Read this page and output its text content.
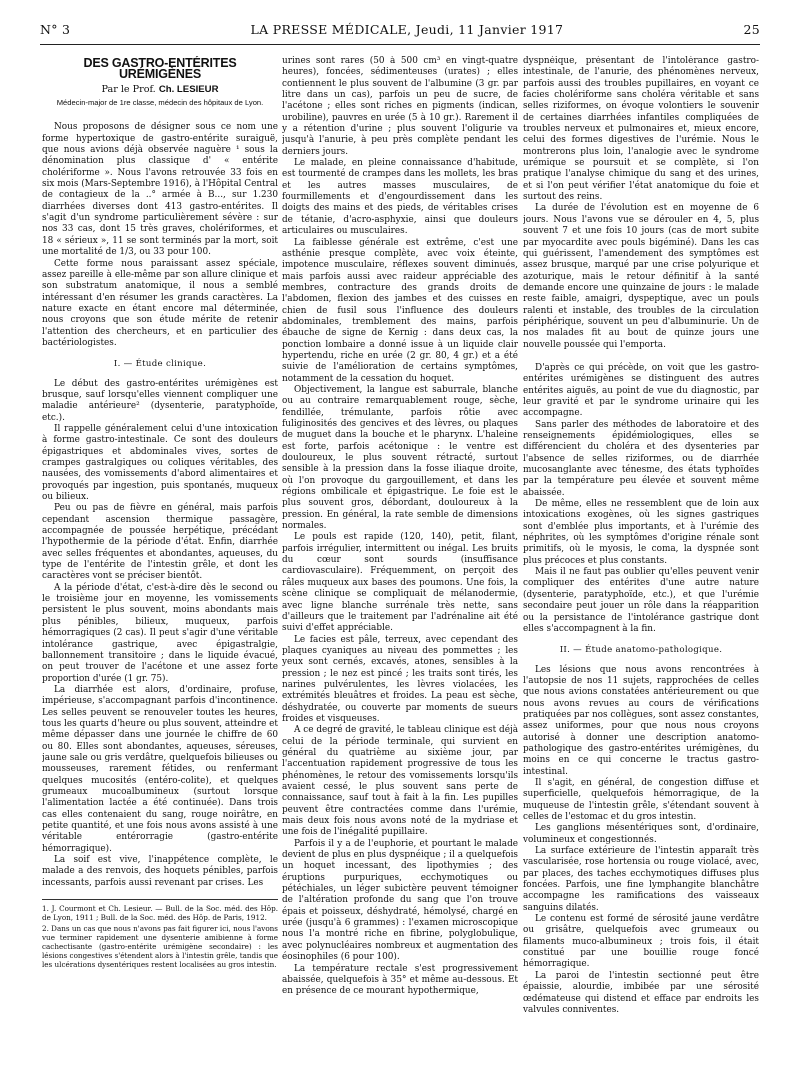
N° 3	LA PRESSE MÉDICALE, Jeudi, 11 Janvier 1917	25
DES GASTRO-ENTÉRITES URÉMIGÈNES
Par le Prof. Ch. LESIEUR
Médecin-major de 1re classe, médecin des hôpitaux de Lyon.

Nous proposons de désigner sous ce nom une forme hypertoxique de gastro-entérite suraiguë, que nous avions déjà observée naguère ¹ sous la dénomination plus classique d' « entérite cholériforme ». Nous l'avons retrouvée 33 fois en six mois (Mars-Septembre 1916), à l'Hôpital Central de contagieux de la ..° armée à B..., sur 1.230 diarrhées diverses dont 413 gastro-entérites. Il s'agit d'un syndrome particulièrement sévère : sur nos 33 cas, dont 15 très graves, cholériformes, et 18 « sérieux », 11 se sont terminés par la mort, soit une mortalité de 1/3, ou 33 pour 100.

Cette forme nous paraissant assez spéciale, assez pareille à elle-même par son allure clinique et son substratum anatomique, il nous a semblé intéressant d'en résumer les grands caractères. La nature exacte en étant encore mal déterminée, nous croyons que son étude mérite de retenir l'attention des chercheurs, et en particulier des bactériologistes.

I. — Étude clinique.

Le début des gastro-entérites urémigènes est brusque, sauf lorsqu'elles viennent compliquer une maladie antérieure² (dysenterie, paratyphoïde, etc.).

Il rappelle généralement celui d'une intoxication à forme gastro-intestinale. Ce sont des douleurs épigastriques et abdominales vives, sortes de crampes gastralgiques ou coliques véritables, des nausées, des vomissements d'abord alimentaires et provoqués par ingestion, puis spontanés, muqueux ou bilieux.

Peu ou pas de fièvre en général, mais parfois cependant ascension thermique passagère, accompagnée de poussée herpétique, précédant l'hypothermie de la période d'état. Enfin, diarrhée avec selles fréquentes et abondantes, aqueuses, du type de l'entérite de l'intestin grêle, et dont les caractères vont se préciser bientôt.

A la période d'état, c'est-à-dire dès le second ou le troisième jour en moyenne, les vomissements persistent le plus souvent, moins abondants mais plus pénibles, bilieux, muqueux, parfois hémorragiques (2 cas). Il peut s'agir d'une véritable intolérance gastrique, avec épigastralgie, ballonnement transitoire ; dans le liquide évacué, on peut trouver de l'acétone et une assez forte proportion d'urée (1 gr. 75).

La diarrhée est alors, d'ordinaire, profuse, impérieuse, s'accompagnant parfois d'incontinence. Les selles peuvent se renouveler toutes les heures, tous les quarts d'heure ou plus souvent, atteindre et même dépasser dans une journée le chiffre de 60 ou 80. Elles sont abondantes, aqueuses, séreuses, jaune sale ou gris verdâtre, quelquefois bilieuses ou mousseuses, rarement fétides, ou renfermant quelques mucosités (entéro-colite), et quelques grumeaux mucoalbumineux (surtout lorsque l'alimentation lactée a été continuée). Dans trois cas elles contenaient du sang, rouge noirâtre, en petite quantité, et une fois nous avons assisté à une véritable entérorragie (gastro-entérite hémorragique).

La soif est vive, l'inappétence complète, le malade a des renvois, des hoquets pénibles, parfois incessants, parfois aussi revenant par crises. Les

1. J. Courmont et Ch. Lesieur. — Bull. de la Soc. méd. des Hôp. de Lyon, 1911 ; Bull. de la Soc. méd. des Hôp. de Paris, 1912.

2. Dans un cas que nous n'avons pas fait figurer ici, nous l'avons vue terminer rapidement une dysenterie amibienne à forme cachectisante (gastro-entérite urémigène secondaire) : les lésions congestives s'étendent alors à l'intestin grêle, tandis que les ulcérations dysentériques restent localisées au gros intestin.

urines sont rares (50 à 500 cm³ en vingt-quatre heures), foncées, sédimenteuses (urates) ; elles contiennent le plus souvent de l'albumine (3 gr. par litre dans un cas), parfois un peu de sucre, de l'acétone ; elles sont riches en pigments (indican, urobiline), pauvres en urée (5 à 10 gr.). Rarement il y a rétention d'urine ; plus souvent l'oligurie va jusqu'à l'anurie, à peu près complète pendant les derniers jours.

Le malade, en pleine connaissance d'habitude, est tourmenté de crampes dans les mollets, les bras et les autres masses musculaires, de fourmillements et d'engourdissement dans les doigts des mains et des pieds, de véritables crises de tétanie, d'acro-asphyxie, ainsi que douleurs articulaires ou musculaires.

La faiblesse générale est extrême, c'est une asthénie presque complète, avec voix éteinte, impotence musculaire, réflexes souvent diminués, mais parfois aussi avec raideur appréciable des membres, contracture des grands droits de l'abdomen, flexion des jambes et des cuisses en chien de fusil sous l'influence des douleurs abdominales, tremblement des mains, parfois ébauche de signe de Kernig : dans deux cas, la ponction lombaire a donné issue à un liquide clair hypertendu, riche en urée (2 gr. 80, 4 gr.) et a été suivie de l'amélioration de certains symptômes, notamment de la cessation du hoquet.

Objectivement, la langue est saburrale, blanche ou au contraire remarquablement rouge, sèche, fendillée, trémulante, parfois rôtie avec fuliginosités des gencives et des lèvres, ou plaques de muguet dans la bouche et le pharynx. L'haleine est forte, parfois acétonique : le ventre est douloureux, le plus souvent rétracté, surtout sensible à la pression dans la fosse iliaque droite, où l'on provoque du gargouillement, et dans les régions ombilicale et épigastrique. Le foie est le plus souvent gros, débordant, douloureux à la pression. En général, la rate semble de dimensions normales.

Le pouls est rapide (120, 140), petit, filant, parfois irrégulier, intermittent ou inégal. Les bruits du cœur sont sourds (insuffisance cardiovasculaire). Fréquemment, on perçoit des râles muqueux aux bases des poumons. Une fois, la scène clinique se compliquait de mélanodermie, avec ligne blanche surrénale très nette, sans d'ailleurs que le traitement par l'adrénaline ait été suivi d'effet appréciable.

Le facies est pâle, terreux, avec cependant des plaques cyaniques au niveau des pommettes ; les yeux sont cernés, excavés, atones, sensibles à la pression ; le nez est pincé ; les traits sont tirés, les narines pulvérulentes, les lèvres violacées, les extrémités bleuâtres et froides. La peau est sèche, déshydratée, ou couverte par moments de sueurs froides et visqueuses.

A ce degré de gravité, le tableau clinique est déjà celui de la période terminale, qui survient en général du quatrième au sixième jour, par l'accentuation rapidement progressive de tous les phénomènes, le retour des vomissements lorsqu'ils avaient cessé, le plus souvent sans perte de connaissance, sauf tout à fait à la fin. Les pupilles peuvent être contractées comme dans l'urémie, mais deux fois nous avons noté de la mydriase et une fois de l'inégalité pupillaire.

Parfois il y a de l'euphorie, et pourtant le malade devient de plus en plus dyspnéique ; il a quelquefois un hoquet incessant, des lipothymies ; des éruptions purpuriques, ecchymotiques ou pétéchiales, un léger subictère peuvent témoigner de l'altération profonde du sang que l'on trouve épais et poisseux, déshydraté, hémolysé, chargé en urée (jusqu'à 6 grammes) : l'examen microscopique nous l'a montré riche en fibrine, polyglobulique, avec polynucléaires nombreux et augmentation des éosinophiles (6 pour 100).

La température rectale s'est progressivement abaissée, quelquefois à 35° et même au-dessous. Et en présence de ce mourant hypothermique,

dyspnéique, présentant de l'intolérance gastro-intestinale, de l'anurie, des phénomènes nerveux, parfois aussi des troubles pupillaires, en voyant ce facies cholériforme sans choléra véritable et sans selles riziformes, on évoque volontiers le souvenir de certaines diarrhées infantiles compliquées de troubles nerveux et pulmonaires et, mieux encore, celui des formes digestives de l'urémie. Nous le montrerons plus loin, l'analogie avec le syndrome urémique se poursuit et se complète, si l'on pratique l'analyse chimique du sang et des urines, et si l'on peut vérifier l'état anatomique du foie et surtout des reins.

La durée de l'évolution est en moyenne de 6 jours. Nous l'avons vue se dérouler en 4, 5, plus souvent 7 et une fois 10 jours (cas de mort subite par myocardite avec pouls bigéminé). Dans les cas qui guérissent, l'amendement des symptômes est assez brusque, marqué par une crise polyurique et azoturique, mais le retour définitif à la santé demande encore une quinzaine de jours : le malade reste faible, amaigri, dyspeptique, avec un pouls ralenti et instable, des troubles de la circulation périphérique, souvent un peu d'albuminurie. Un de nos malades fit au bout de quinze jours une nouvelle poussée qui l'emporta.

D'après ce qui précède, on voit que les gastro-entérites urémigènes se distinguent des autres entérites aiguës, au point de vue du diagnostic, par leur gravité et par le syndrome urinaire qui les accompagne.

Sans parler des méthodes de laboratoire et des renseignements épidémiologiques, elles se différencient du choléra et des dysenteries par l'absence de selles riziformes, ou de diarrhée mucosanglante avec ténesme, des états typhoïdes par la température peu élevée et souvent même abaissée.

De même, elles ne ressemblent que de loin aux intoxications exogènes, où les signes gastriques sont d'emblée plus importants, et à l'urémie des néphrites, où les symptômes d'origine rénale sont primitifs, où le myosis, le coma, la dyspnée sont plus précoces et plus constants.

Mais il ne faut pas oublier qu'elles peuvent venir compliquer des entérites d'une autre nature (dysenterie, paratyphoïde, etc.), et que l'urémie secondaire peut jouer un rôle dans la réapparition ou la persistance de l'intolérance gastrique dont elles s'accompagnent à la fin.

II. — Étude anatomo-pathologique.

Les lésions que nous avons rencontrées à l'autopsie de nos 11 sujets, rapprochées de celles que nous avions constatées antérieurement ou que nous avons revues au cours de vérifications pratiquées par nos collègues, sont assez constantes, assez uniformes, pour que nous nous croyons autorisé à donner une description anatomo-pathologique des gastro-entérites urémigènes, du moins en ce qui concerne le tractus gastro-intestinal.

Il s'agit, en général, de congestion diffuse et superficielle, quelquefois hémorragique, de la muqueuse de l'intestin grêle, s'étendant souvent à celles de l'estomac et du gros intestin.

Les ganglions mésentériques sont, d'ordinaire, volumineux et congestionnés.

La surface extérieure de l'intestin apparaît très vascularisée, rose hortensia ou rouge violacé, avec, par places, des taches ecchymotiques diffuses plus foncées. Parfois, une fine lymphangite blanchâtre accompagne les ramifications des vaisseaux sanguins dilatés.

Le contenu est formé de sérosité jaune verdâtre ou grisâtre, quelquefois avec grumeaux ou filaments muco-albumineux ; trois fois, il était constitué par une bouillie rouge foncé hémorragique.

La paroi de l'intestin sectionné peut être épaissie, alourdie, imbibée par une sérosité œdémateuse qui distend et efface par endroits les valvules conniventes.
